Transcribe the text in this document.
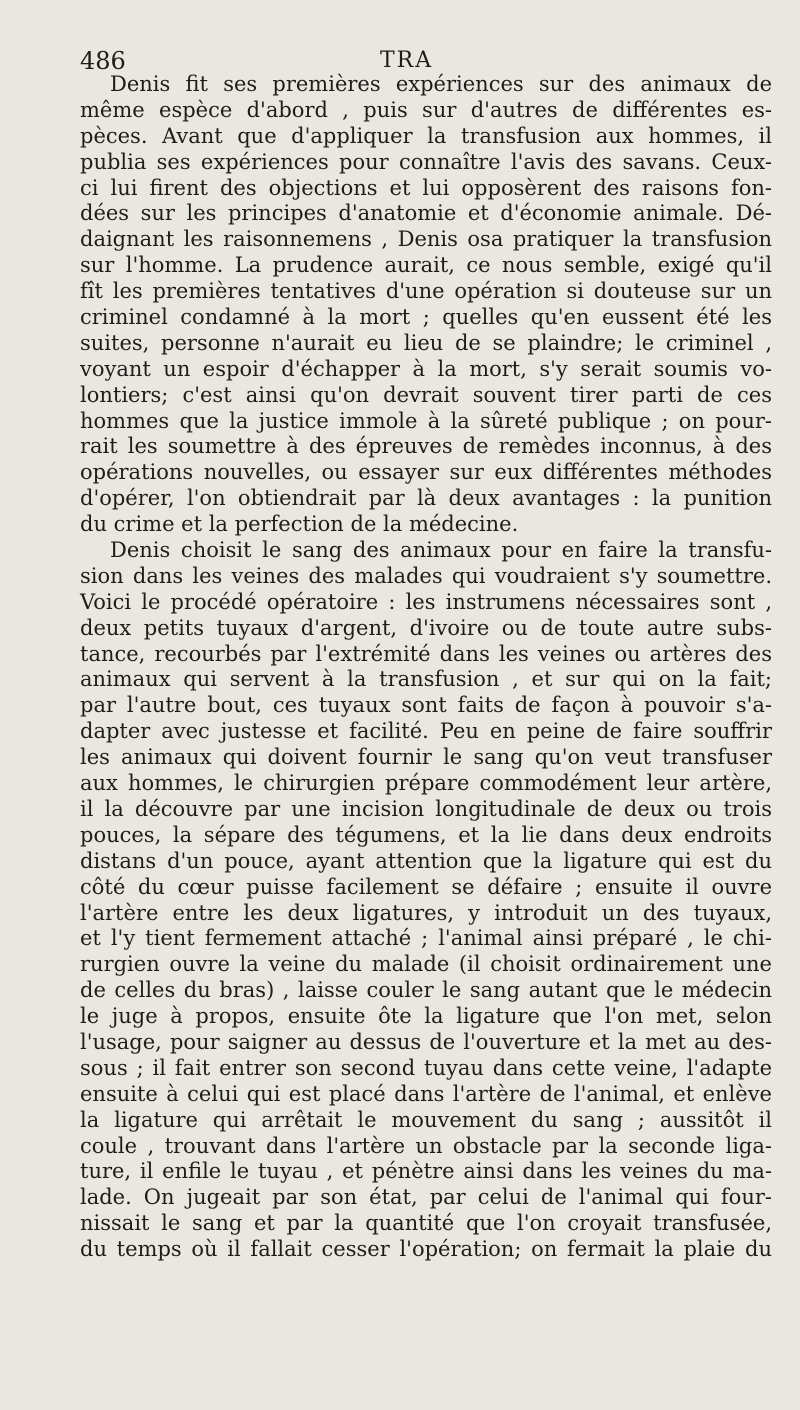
486	TRA
Denis fit ses premières expériences sur des animaux de
même espèce d'abord , puis sur d'autres de différentes es-
pèces. Avant que d'appliquer la transfusion aux hommes, il
publia ses expériences pour connaître l'avis des savans. Ceux-
ci lui firent des objections et lui opposèrent des raisons fon-
dées sur les principes d'anatomie et d'économie animale. Dé-
daignant les raisonnemens , Denis osa pratiquer la transfusion
sur l'homme. La prudence aurait, ce nous semble, exigé qu'il
fît les premières tentatives d'une opération si douteuse sur un
criminel condamné à la mort ; quelles qu'en eussent été les
suites, personne n'aurait eu lieu de se plaindre; le criminel ,
voyant un espoir d'échapper à la mort, s'y serait soumis vo-
lontiers; c'est ainsi qu'on devrait souvent tirer parti de ces
hommes que la justice immole à la sûreté publique ; on pour-
rait les soumettre à des épreuves de remèdes inconnus, à des
opérations nouvelles, ou essayer sur eux différentes méthodes
d'opérer, l'on obtiendrait par là deux avantages : la punition
du crime et la perfection de la médecine.
Denis choisit le sang des animaux pour en faire la transfu-
sion dans les veines des malades qui voudraient s'y soumettre.
Voici le procédé opératoire : les instrumens nécessaires sont ,
deux petits tuyaux d'argent, d'ivoire ou de toute autre subs-
tance, recourbés par l'extrémité dans les veines ou artères des
animaux qui servent à la transfusion , et sur qui on la fait;
par l'autre bout, ces tuyaux sont faits de façon à pouvoir s'a-
dapter avec justesse et facilité. Peu en peine de faire souffrir
les animaux qui doivent fournir le sang qu'on veut transfuser
aux hommes, le chirurgien prépare commodément leur artère,
il la découvre par une incision longitudinale de deux ou trois
pouces, la sépare des tégumens, et la lie dans deux endroits
distans d'un pouce, ayant attention que la ligature qui est du
côté du cœur puisse facilement se défaire ; ensuite il ouvre
l'artère entre les deux ligatures, y introduit un des tuyaux,
et l'y tient fermement attaché ; l'animal ainsi préparé , le chi-
rurgien ouvre la veine du malade (il choisit ordinairement une
de celles du bras) , laisse couler le sang autant que le médecin
le juge à propos, ensuite ôte la ligature que l'on met, selon
l'usage, pour saigner au dessus de l'ouverture et la met au des-
sous ; il fait entrer son second tuyau dans cette veine, l'adapte
ensuite à celui qui est placé dans l'artère de l'animal, et enlève
la ligature qui arrêtait le mouvement du sang ; aussitôt il
coule , trouvant dans l'artère un obstacle par la seconde liga-
ture, il enfile le tuyau , et pénètre ainsi dans les veines du ma-
lade. On jugeait par son état, par celui de l'animal qui four-
nissait le sang et par la quantité que l'on croyait transfusée,
du temps où il fallait cesser l'opération; on fermait la plaie du
